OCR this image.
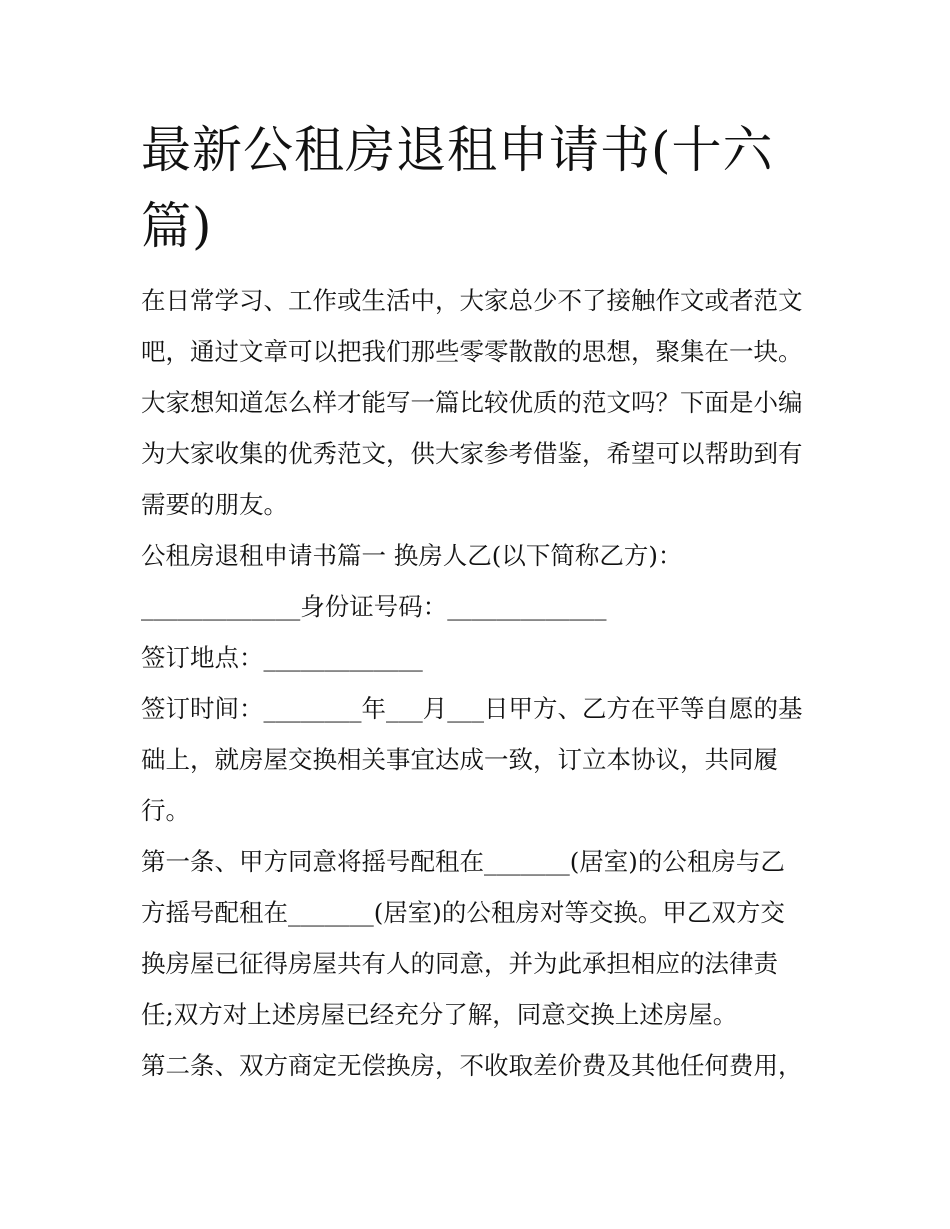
最新公租房退租申请书(十六
篇)
在日常学习、工作或生活中，大家总少不了接触作文或者范文
吧，通过文章可以把我们那些零零散散的思想，聚集在一块。
大家想知道怎么样才能写一篇比较优质的范文吗？下面是小编
为大家收集的优秀范文，供大家参考借鉴，希望可以帮助到有
需要的朋友。
公租房退租申请书篇一 换房人乙(以下简称乙方)：
_____________身份证号码：_____________
签订地点：_____________
签订时间：________年___月___日甲方、乙方在平等自愿的基
础上，就房屋交换相关事宜达成一致，订立本协议，共同履
行。
第一条、甲方同意将摇号配租在_______(居室)的公租房与乙
方摇号配租在_______(居室)的公租房对等交换。甲乙双方交
换房屋已征得房屋共有人的同意，并为此承担相应的法律责
任;双方对上述房屋已经充分了解，同意交换上述房屋。
第二条、双方商定无偿换房，不收取差价费及其他任何费用，
